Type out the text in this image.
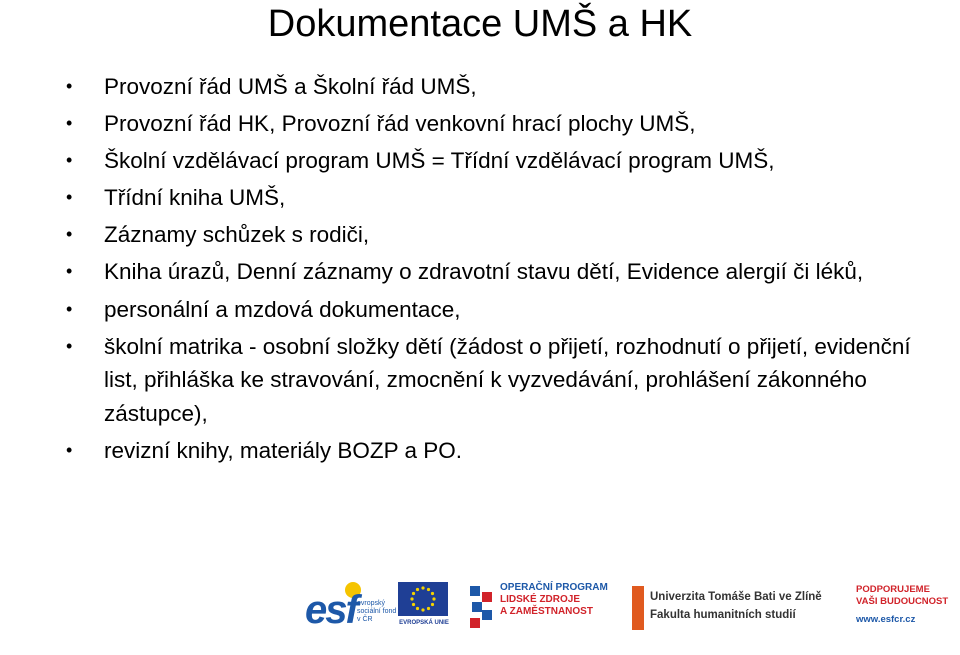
Dokumentace UMŠ a HK
• Provozní řád UMŠ a Školní řád UMŠ,
• Provozní řád HK, Provozní řád venkovní hrací plochy UMŠ,
• Školní vzdělávací program UMŠ = Třídní vzdělávací program UMŠ,
• Třídní kniha UMŠ,
• Záznamy schůzek s rodiči,
• Kniha úrazů, Denní záznamy o zdravotní stavu dětí, Evidence alergií či léků,
• personální a mzdová dokumentace,
• školní matrika - osobní složky dětí (žádost o přijetí, rozhodnutí o přijetí, evidenční list, přihláška ke stravování, zmocnění k vyzvedávání, prohlášení zákonného zástupce),
• revizní knihy, materiály BOZP a PO.
esf evropský sociální fond v ČR	EVROPSKÁ UNIE
OPERAČNÍ PROGRAM
LIDSKÉ ZDROJE
A ZAMĚSTNANOST
Univerzita Tomáše Bati ve Zlíně
Fakulta humanitních studií
PODPORUJEME
VAŠI BUDOUCNOST
www.esfcr.cz
